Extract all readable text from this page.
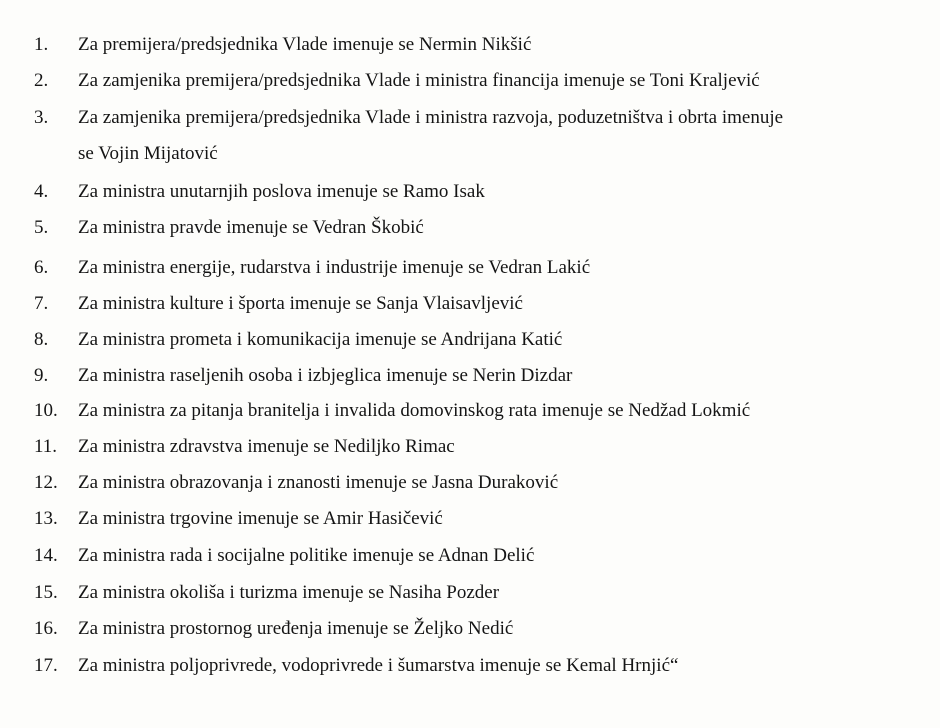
1. Za premijera/predsjednika Vlade imenuje se Nermin Nikšić
2. Za zamjenika premijera/predsjednika Vlade i ministra financija imenuje se Toni Kraljević
3. Za zamjenika premijera/predsjednika Vlade i ministra razvoja, poduzetništva i obrta imenuje
se Vojin Mijatović
4. Za ministra unutarnjih poslova imenuje se Ramo Isak
5. Za ministra pravde imenuje se Vedran Škobić
6. Za ministra energije, rudarstva i industrije imenuje se Vedran Lakić
7. Za ministra kulture i športa imenuje se Sanja Vlaisavljević
8. Za ministra prometa i komunikacija imenuje se Andrijana Katić
9. Za ministra raseljenih osoba i izbjeglica imenuje se Nerin Dizdar
10. Za ministra za pitanja branitelja i invalida domovinskog rata imenuje se Nedžad Lokmić
11. Za ministra zdravstva imenuje se Nediljko Rimac
12. Za ministra obrazovanja i znanosti imenuje se Jasna Duraković
13. Za ministra trgovine imenuje se Amir Hasičević
14. Za ministra rada i socijalne politike imenuje se Adnan Delić
15. Za ministra okoliša i turizma imenuje se Nasiha Pozder
16. Za ministra prostornog uređenja imenuje se Željko Nedić
17. Za ministra poljoprivrede, vodoprivrede i šumarstva imenuje se Kemal Hrnjić“
